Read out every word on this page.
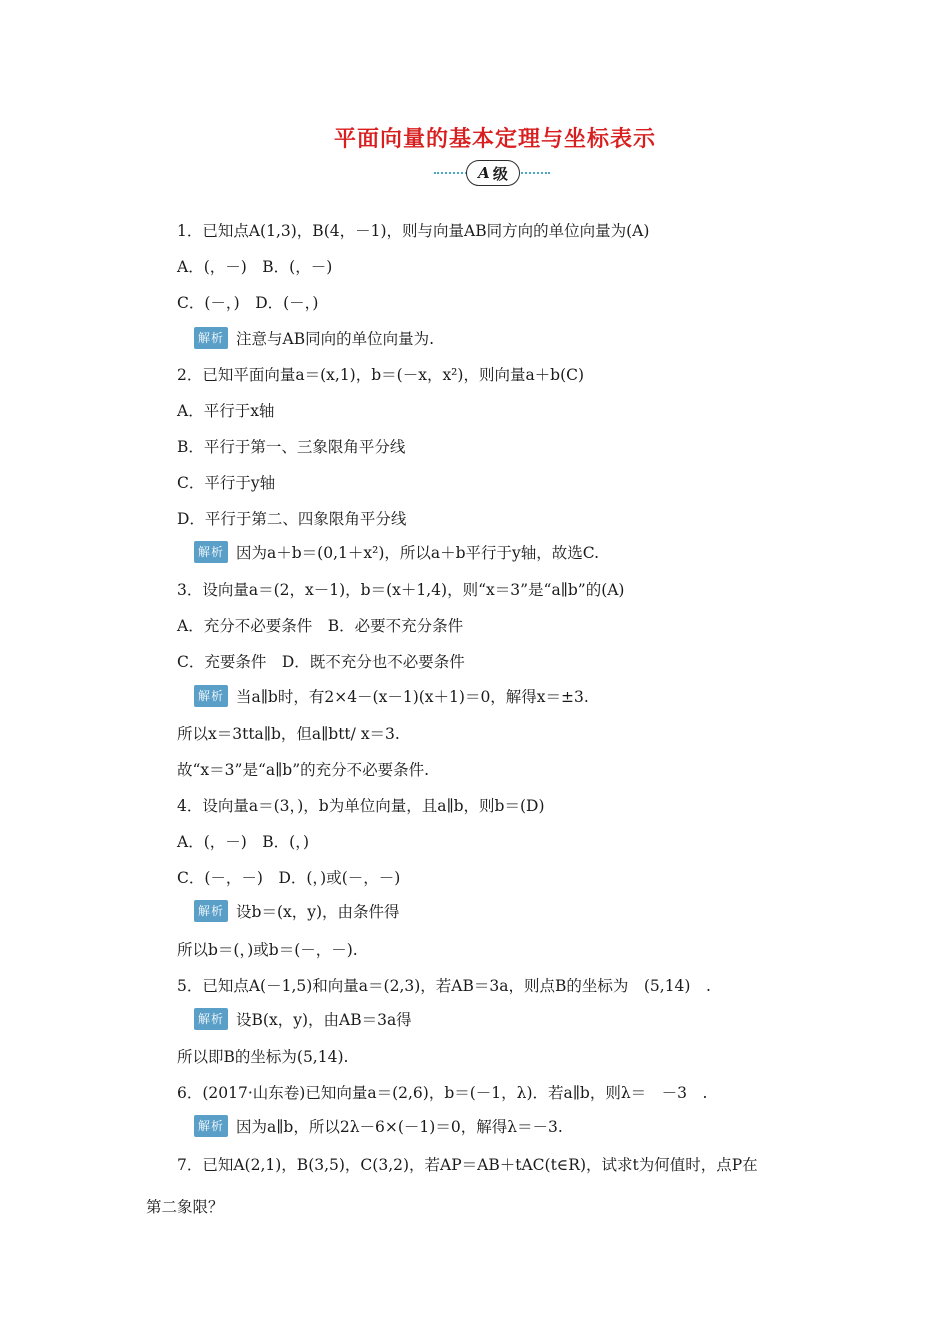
平面向量的基本定理与坐标表示
A 级
1．已知点A(1,3)，B(4，－1)，则与向量AB同方向的单位向量为(A)
A．(，－)　B．(，－)
C．(－，)　D．(－，)
解析 注意与AB同向的单位向量为.
2．已知平面向量a＝(x,1)，b＝(－x，x²)，则向量a＋b(C)
A．平行于x轴
B．平行于第一、三象限角平分线
C．平行于y轴
D．平行于第二、四象限角平分线
解析 因为a＋b＝(0,1＋x²)，所以a＋b平行于y轴，故选C.
3．设向量a＝(2，x－1)，b＝(x＋1,4)，则“x＝3”是“a∥b”的(A)
A．充分不必要条件　B．必要不充分条件
C．充要条件　D．既不充分也不必要条件
解析 当a∥b时，有2×4－(x－1)(x＋1)＝0，解得x＝±3.
所以x＝3tta∥b，但a∥btt/ x＝3.
故“x＝3”是“a∥b”的充分不必要条件.
4．设向量a＝(3，)，b为单位向量，且a∥b，则b＝(D)
A．(，－)　B．(，)
C．(－，－)　D．(，)或(－，－)
解析 设b＝(x，y)，由条件得
所以b＝(，)或b＝(－，－).
5．已知点A(－1,5)和向量a＝(2,3)，若AB＝3a，则点B的坐标为　(5,14)　.
解析 设B(x，y)，由AB＝3a得
所以即B的坐标为(5,14).
6．(2017·山东卷)已知向量a＝(2,6)，b＝(－1，λ)．若a∥b，则λ＝　－3　.
解析 因为a∥b，所以2λ－6×(－1)＝0，解得λ＝－3.
7．已知A(2,1)，B(3,5)，C(3,2)，若AP＝AB＋tAC(t∈R)，试求t为何值时，点P在
第二象限？
